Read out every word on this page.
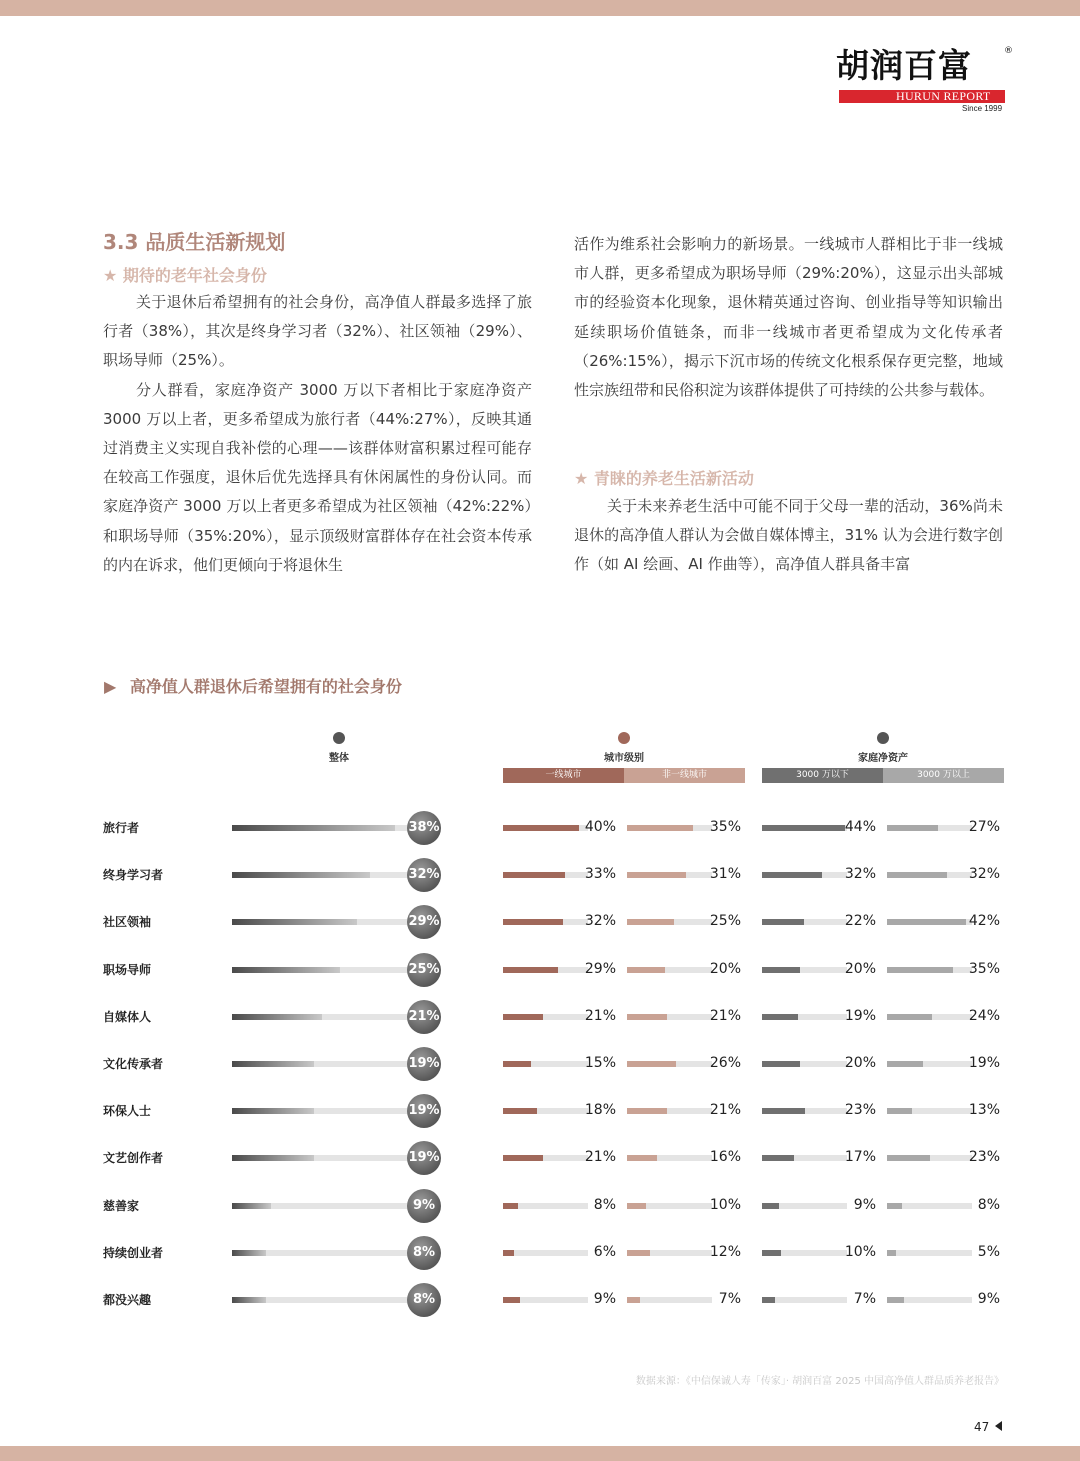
胡润百富	®
HURUN REPORT
Since 1999
3.3 品质生活新规划
★ 期待的老年社会身份

关于退休后希望拥有的社会身份，高净值人群最多选择了旅行者（38%），其次是终身学习者（32%）、社区领袖（29%）、职场导师（25%）。

分人群看，家庭净资产 3000 万以下者相比于家庭净资产 3000 万以上者，更多希望成为旅行者（44%:27%），反映其通过消费主义实现自我补偿的心理——该群体财富积累过程可能存在较高工作强度，退休后优先选择具有休闲属性的身份认同。而家庭净资产 3000 万以上者更多希望成为社区领袖（42%:22%）和职场导师（35%:20%），显示顶级财富群体存在社会资本传承的内在诉求，他们更倾向于将退休生

活作为维系社会影响力的新场景。一线城市人群相比于非一线城市人群，更多希望成为职场导师（29%:20%），这显示出头部城市的经验资本化现象，退休精英通过咨询、创业指导等知识输出延续职场价值链条，而非一线城市者更希望成为文化传承者（26%:15%），揭示下沉市场的传统文化根系保存更完整，地域性宗族纽带和民俗积淀为该群体提供了可持续的公共参与载体。

★ 青睐的养老生活新活动

关于未来养老生活中可能不同于父母一辈的活动，36%尚未退休的高净值人群认为会做自媒体博主，31% 认为会进行数字创作（如 AI 绘画、AI 作曲等），高净值人群具备丰富

▶ 高净值人群退休后希望拥有的社会身份
整体	城市级别
一线城市	非一线城市
家庭净资产
3000 万以下	3000 万以上
旅行者	38%	40%	35%	44%	27%
终身学习者	32%	33%	31%	32%	32%
社区领袖	29%	32%	25%	22%	42%
职场导师	25%	29%	20%	20%	35%
自媒体人	21%	21%	21%	19%	24%
文化传承者	19%	15%	26%	20%	19%
环保人士	19%	18%	21%	23%	13%
文艺创作者	19%	21%	16%	17%	23%
慈善家	9%	8%	10%	9%	8%
持续创业者	8%	6%	12%	10%	5%
都没兴趣	8%	9%	7%	7%	9%
数据来源：《中信保诚人寿「传家」· 胡润百富 2025 中国高净值人群品质养老报告》
47
